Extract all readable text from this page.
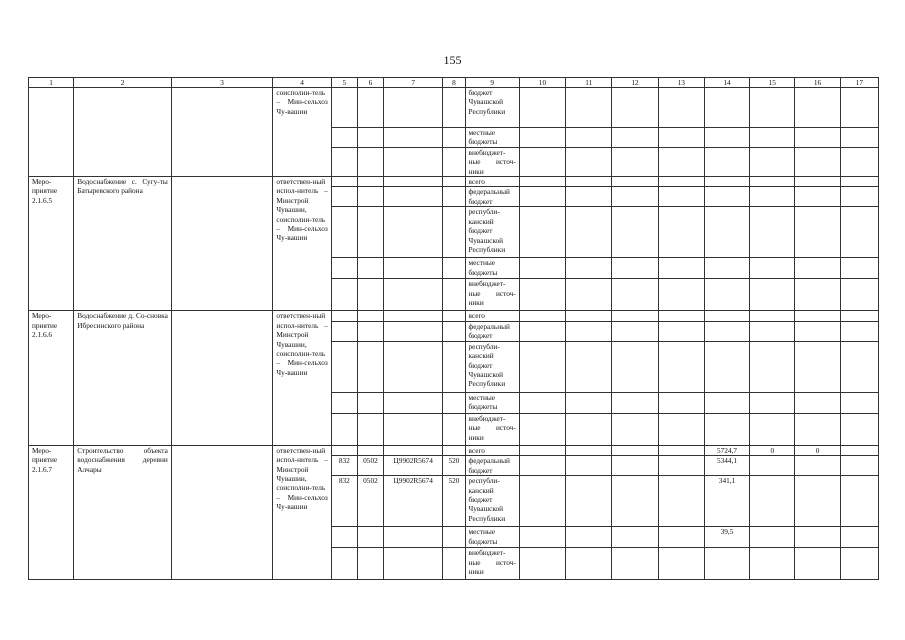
155
1	2	3	4	5	6	7	8	9	10	11	12	13	14	15	16	17
			соисполни-тель – Мин-сельхоз Чу-вашии					бюджет Чувашской Республики								
								местные бюджеты								
								внебюджет-ные источ-ники								
Меро-приятие 2.1.6.5	Водоснабжение с. Сугу-ты Батыревского района		ответствен-ный испол-нитель – Минстрой Чувашии, соисполни-тель – Мин-сельхоз Чу-вашии					всего								
								федеральный бюджет								
								республи-канский бюджет Чувашской Республики								
								местные бюджеты								
								внебюджет-ные источ-ники								
Меро-приятие 2.1.6.6	Водоснабжение д. Со-сновка Ибресинского района		ответствен-ный испол-нитель – Минстрой Чувашии, соисполни-тель – Мин-сельхоз Чу-вашии					всего								
								федеральный бюджет								
								республи-канский бюджет Чувашской Республики								
								местные бюджеты								
								внебюджет-ные источ-ники								
Меро-приятие 2.1.6.7	Строительство объекта водоснабжения деревни Алчары		ответствен-ный испол-нитель – Минстрой Чувашии, соисполни-тель – Мин-сельхоз Чу-вашии					всего					5724,7	0	0	
				832	0502	Ц9902R5674	520	федеральный бюджет					5344,1			
				832	0502	Ц9902R5674	520	республи-канский бюджет Чувашской Республики					341,1			
								местные бюджеты					39,5			
								внебюджет-ные источ-ники								
